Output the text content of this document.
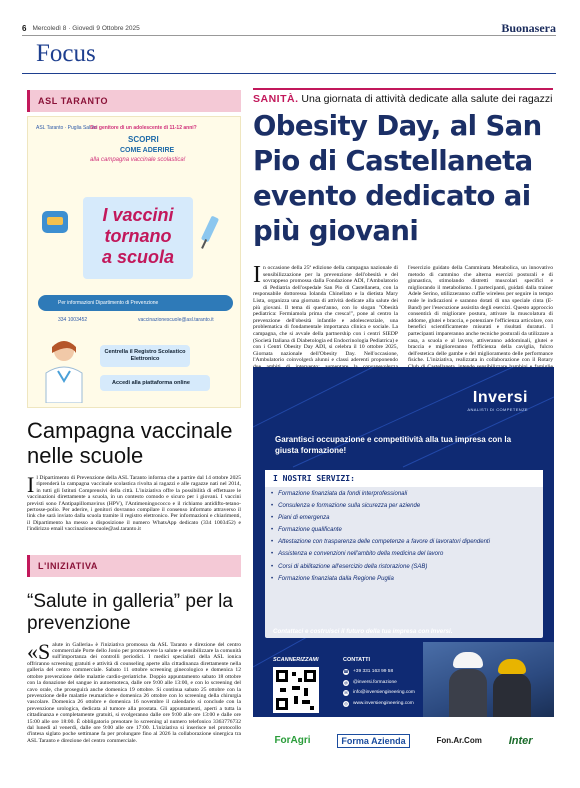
6 Mercoledì 8 · Giovedì 9 Ottobre 2025	Buonasera
Focus
ASL TARANTO
ASL Taranto · Puglia Salute
Sei genitore di un adolescente di 11-12 anni?
SCOPRI
COME ADERIRE
alla campagna vaccinale scolastica!
I vaccini
tornano
a scuola
Per informazioni Dipartimento di Prevenzione
334 1003452	vaccinazionescuole@asl.taranto.it
Centrella il Registro Scolastico Elettronico
Accedi alla piattaforma online
Campagna vaccinale nelle scuole
Il Dipartimento di Prevenzione della ASL Taranto informa che a partire dal 14 ottobre 2025 riprenderà la campagna vaccinale scolastica rivolta ai ragazzi e alle ragazze nati nel 2014, in tutti gli Istituti Comprensivi della città. L'iniziativa offre la possibilità di effettuare le vaccinazioni direttamente a scuola, in un contesto comodo e sicuro per i giovani. I vaccini previsti sono l'Antipapillomavirus (HPV), l'Antimeningococco e il richiamo antidifto-tetano-pertosse-polio. Per aderire, i genitori dovranno compilare il consenso informato attraverso il link che sarà inviato dalla scuola tramite il registro elettronico. Per informazioni e chiarimenti, il Dipartimento ha messo a disposizione il numero WhatsApp dedicato (334 1003452) e l'indirizzo email vaccinazionescuole@asl.taranto.it
L'INIZIATIVA
“Salute in galleria” per la prevenzione
«Salute in Galleria» è l'iniziativa promossa da ASL Taranto e direzione del centro commerciale Porte dello Jonio per promuovere la salute e sensibilizzare la comunità sull'importanza dei controlli periodici. I medici specialisti della ASL ionica offriranno screening gratuiti e attività di counseling aperte alla cittadinanza direttamente nella galleria del centro commerciale. Sabato 11 ottobre screening ginecologico e domenica 12 ottobre prevenzione delle malattie cardio-geriatriche. Doppio appuntamento sabato 18 ottobre con la donazione del sangue in autoemoteca, dalle ore 9:00 alle 13:00, e con lo screening del cavo orale, che proseguirà anche domenica 19 ottobre. Si continua sabato 25 ottobre con la prevenzione delle malattie reumatiche e domenica 26 ottobre con lo screening della chirurgia vascolare. Domenica 26 ottobre e domenica 16 novembre il calendario si conclude con la prevenzione urologica, dedicata al tumore alla prostata. Gli appuntamenti, aperti a tutta la cittadinanza e completamente gratuiti, si svolgeranno dalle ore 9:00 alle ore 13:00 e dalle ore 15:00 alle ore 18:00. È obbligatorio prenotare lo screening al numero telefonico 3363776732 dal lunedì al venerdì, dalle ore 9:00 alle ore 17:00. L'iniziativa si inserisce nel protocollo d'intesa siglato poche settimane fa per prolungare fino al 2026 la collaborazione sinergica tra ASL Taranto e direzione del centro commerciale.
SANITÀ. Una giornata di attività dedicate alla salute dei ragazzi
Obesity Day, al San Pio di Castellaneta evento dedicato ai più giovani
In occasione della 25ª edizione della campagna nazionale di sensibilizzazione per la prevenzione dell'obesità e del sovrappeso promossa dalla Fondazione ADI, l'Ambulatorio di Pediatria dell'ospedale San Pio di Castellaneta, con la responsabile dottoressa Iolanda Chinellato e la dietista Mary Lista, organizza una giornata di attività dedicate alla salute dei più giovani. Il tema di quest'anno, con lo slogan "Obesità pediatrica: Fermiamola prima che cresca!", pone al centro la prevenzione dell'obesità infantile e adolescenziale, una problematica di fondamentale importanza clinica e sociale. La campagna, che si avvale della partnership con i centri SIEDP (Società Italiana di Diabetologia ed Endocrinologia Pediatrica) e con i Centri Obesity Day ADI, si celebra il 10 ottobre 2025, Giornata nazionale dell'Obesity Day. Nell'occasione, l'Ambulatorio coinvolgerà alunni e classi aderenti proponendo
l'esercizio guidato della Camminata Metabolica, un innovativo metodo di cammino che alterna esercizi posturali e di ginnastica, stimolando distretti muscolari specifici e migliorando il metabolismo. I partecipanti, guidati dalla trainer Adele Serino, utilizzeranno cuffie wireless per seguire in tempo reale le indicazioni e saranno dotati di una speciale cinta (E-Band) per l'esecuzione assistita degli esercizi. Questo approccio consentirà di migliorare postura, attivare la muscolatura di addome, glutei e braccia, e potenziare l'efficienza articolare, con benefici scientificamente misurati e risultati duraturi. I partecipanti impareranno anche tecniche posturali da utilizzare a casa, a scuola e al lavoro, attiveranno addominali, glutei e braccia e miglioreranno l'efficienza della caviglia, fulcro dell'estetica delle gambe e del miglioramento delle performance fisiche. L'iniziativa, realizzata in collaborazione con il Rotary
Inversi
ANALISTI DI COMPETENZE
Garantisci occupazione e competitività alla tua impresa con la giusta formazione!
I NOSTRI SERVIZI:
• Formazione finanziata da fondi interprofessionali
• Consulenza e formazione sulla sicurezza per aziende
• Piani di emergenza
• Formazione qualificante
• Attestazione con trasparenza delle competenze a favore di lavoratori dipendenti
• Assistenza e convenzioni nell'ambito della medicina del lavoro
• Corsi di abilitazione all'esercizio della ristorazione (SAB)
• Formazione finanziata dalla Regione Puglia
Contattaci e costruisci il futuro della tua impresa con Inversi.
SCANNERIZZAMI	CONTATTI
☎ +39 331 163 99 58
@ @inversi.formazione
✉ info@inversiengineering.com
◎ www.inversiengineering.com
ForAgri	Forma Azienda	Fon.Ar.Com Inter
